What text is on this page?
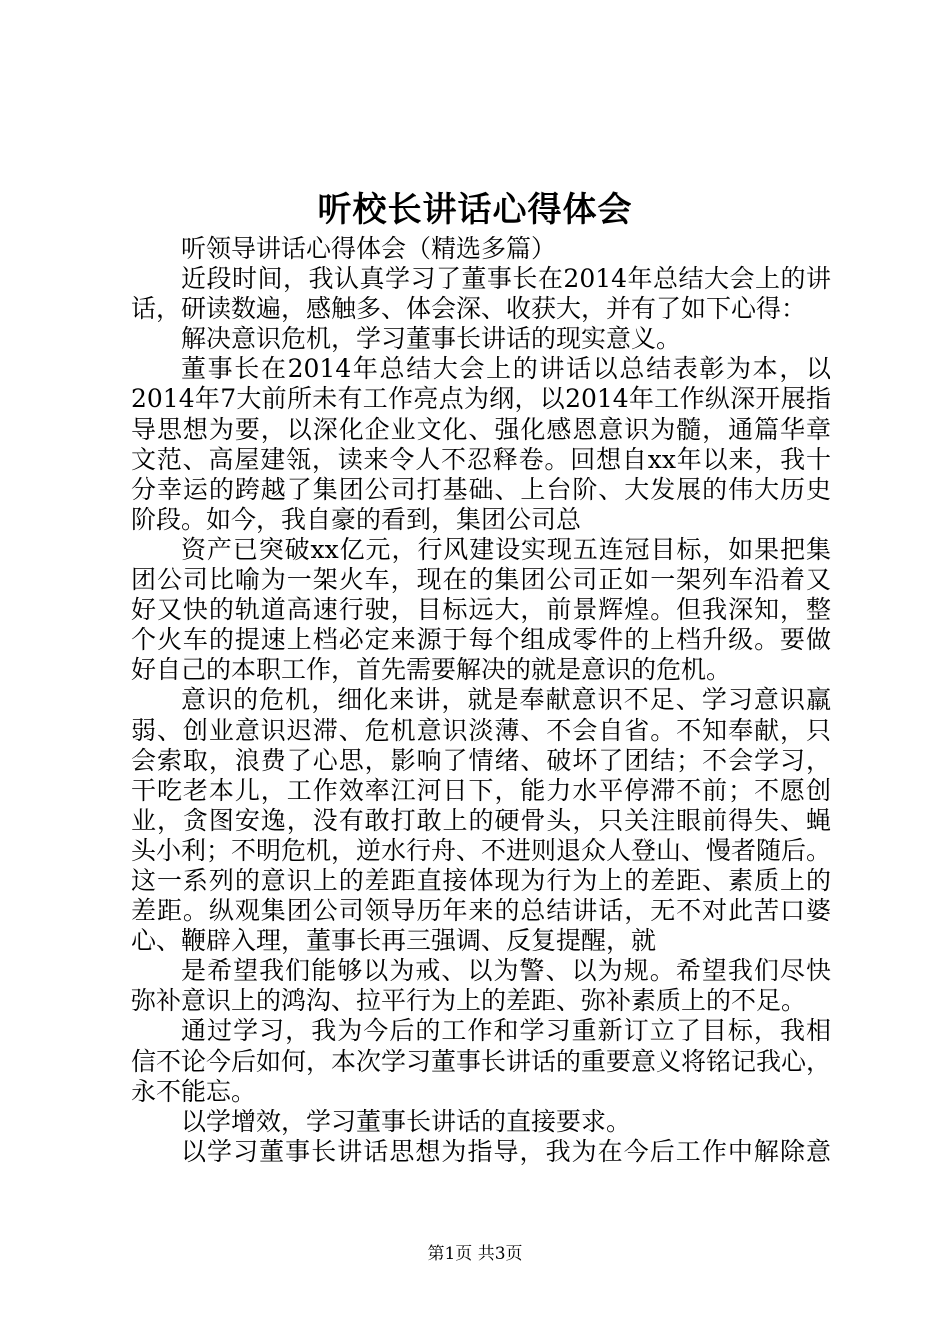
听校长讲话心得体会
听领导讲话心得体会（精选多篇）
近段时间，我认真学习了董事长在2014年总结大会上的讲
话，研读数遍，感触多、体会深、收获大，并有了如下心得：
解决意识危机，学习董事长讲话的现实意义。
董事长在2014年总结大会上的讲话以总结表彰为本，以
2014年7大前所未有工作亮点为纲，以2014年工作纵深开展指
导思想为要，以深化企业文化、强化感恩意识为髓，通篇华章
文范、高屋建瓴，读来令人不忍释卷。回想自xx年以来，我十
分幸运的跨越了集团公司打基础、上台阶、大发展的伟大历史
阶段。如今，我自豪的看到，集团公司总
资产已突破xx亿元，行风建设实现五连冠目标，如果把集
团公司比喻为一架火车，现在的集团公司正如一架列车沿着又
好又快的轨道高速行驶，目标远大，前景辉煌。但我深知，整
个火车的提速上档必定来源于每个组成零件的上档升级。要做
好自己的本职工作，首先需要解决的就是意识的危机。
意识的危机，细化来讲，就是奉献意识不足、学习意识羸
弱、创业意识迟滞、危机意识淡薄、不会自省。不知奉献，只
会索取，浪费了心思，影响了情绪、破坏了团结；不会学习，
干吃老本儿，工作效率江河日下，能力水平停滞不前；不愿创
业，贪图安逸，没有敢打敢上的硬骨头，只关注眼前得失、蝇
头小利；不明危机，逆水行舟、不进则退众人登山、慢者随后。
这一系列的意识上的差距直接体现为行为上的差距、素质上的
差距。纵观集团公司领导历年来的总结讲话，无不对此苦口婆
心、鞭辟入理，董事长再三强调、反复提醒，就
是希望我们能够以为戒、以为警、以为规。希望我们尽快
弥补意识上的鸿沟、拉平行为上的差距、弥补素质上的不足。
通过学习，我为今后的工作和学习重新订立了目标，我相
信不论今后如何，本次学习董事长讲话的重要意义将铭记我心，
永不能忘。
以学增效，学习董事长讲话的直接要求。
以学习董事长讲话思想为指导，我为在今后工作中解除意
第1页 共3页
